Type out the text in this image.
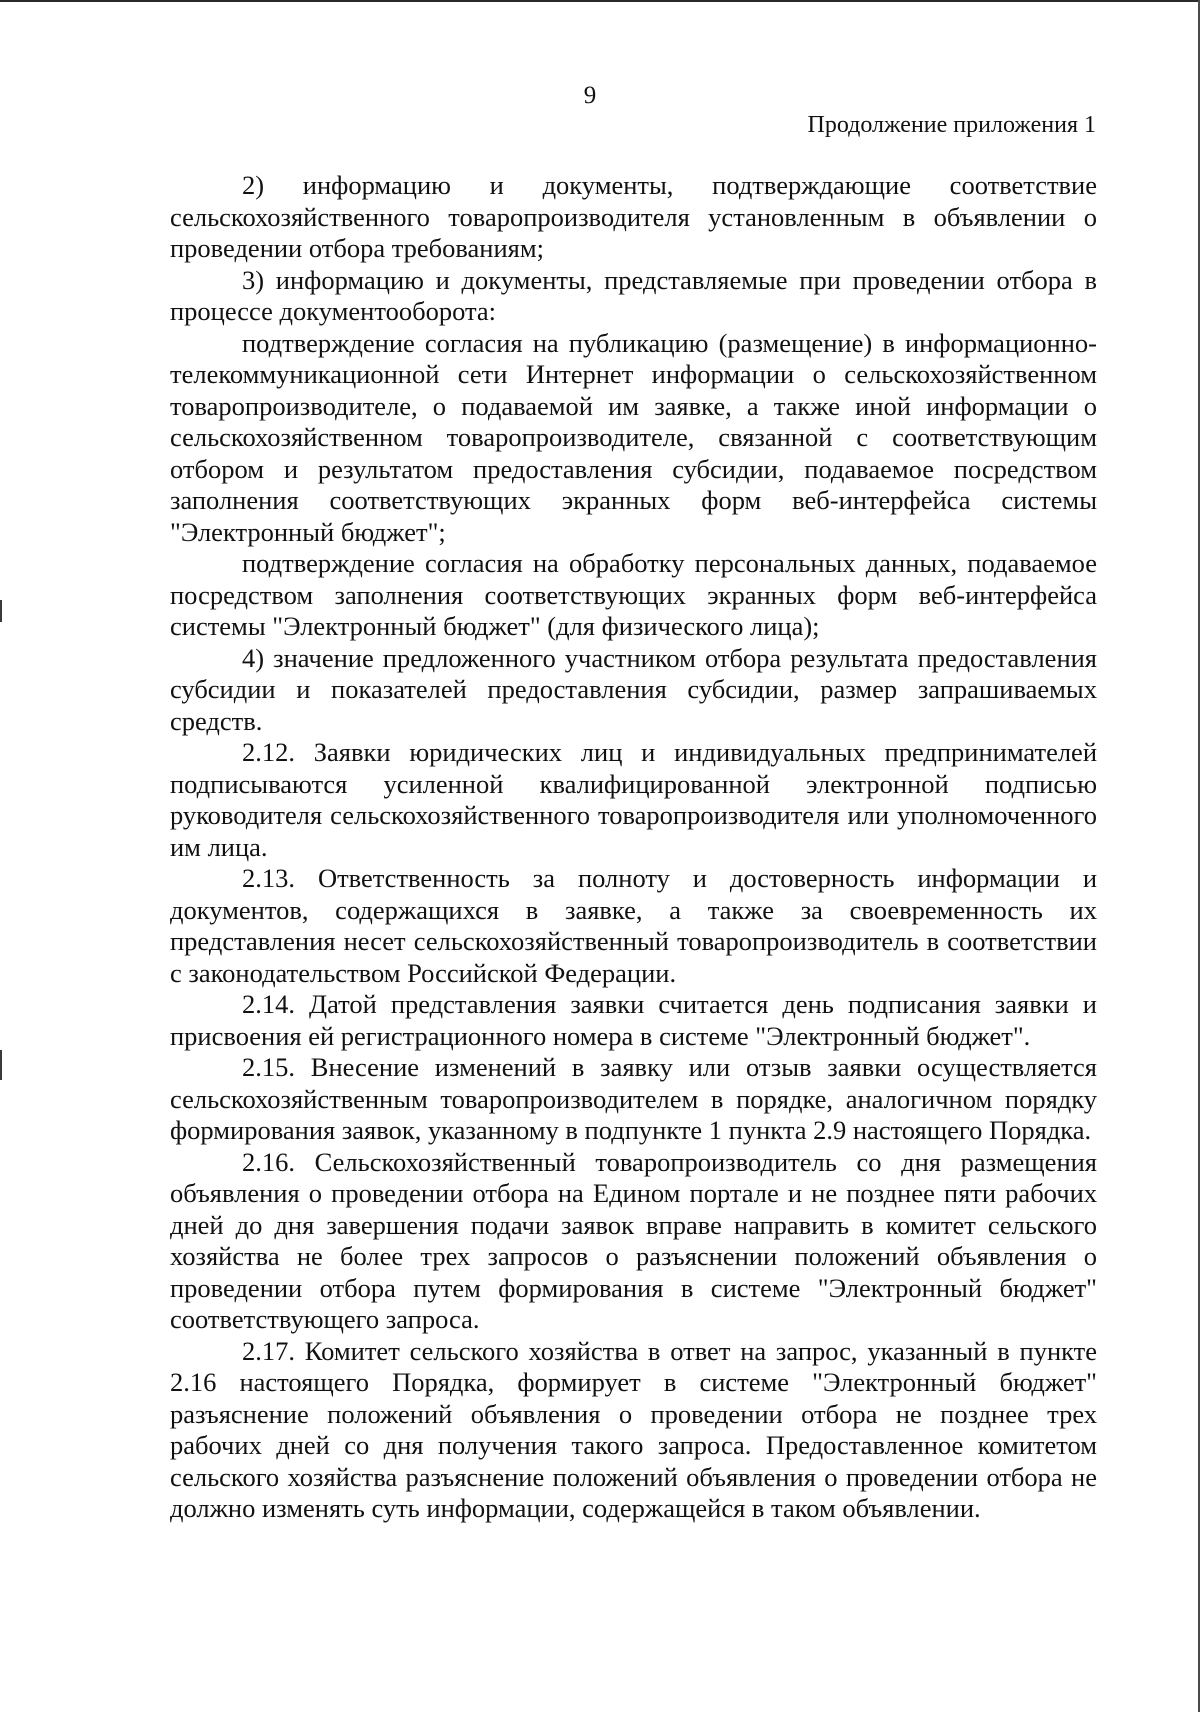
9
Продолжение приложения 1

2) информацию и документы, подтверждающие соответствие сельскохозяйственного товаропроизводителя установленным в объявлении о проведении отбора требованиям;

3) информацию и документы, представляемые при проведении отбора в процессе документооборота:

подтверждение согласия на публикацию (размещение) в информационно-телекоммуникационной сети Интернет информации о сельскохозяйственном товаропроизводителе, о подаваемой им заявке, а также иной информации о сельскохозяйственном товаропроизводителе, связанной с соответствующим отбором и результатом предоставления субсидии, подаваемое посредством заполнения соответствующих экранных форм веб-интерфейса системы "Электронный бюджет";

подтверждение согласия на обработку персональных данных, подаваемое посредством заполнения соответствующих экранных форм веб-интерфейса системы "Электронный бюджет" (для физического лица);

4) значение предложенного участником отбора результата предоставления субсидии и показателей предоставления субсидии, размер запрашиваемых средств.

2.12. Заявки юридических лиц и индивидуальных предпринимателей подписываются усиленной квалифицированной электронной подписью руководителя сельскохозяйственного товаропроизводителя или уполномоченного им лица.

2.13. Ответственность за полноту и достоверность информации и документов, содержащихся в заявке, а также за своевременность их представления несет сельскохозяйственный товаропроизводитель в соответствии с законодательством Российской Федерации.

2.14. Датой представления заявки считается день подписания заявки и присвоения ей регистрационного номера в системе "Электронный бюджет".

2.15. Внесение изменений в заявку или отзыв заявки осуществляется сельскохозяйственным товаропроизводителем в порядке, аналогичном порядку формирования заявок, указанному в подпункте 1 пункта 2.9 настоящего Порядка.

2.16. Сельскохозяйственный товаропроизводитель со дня размещения объявления о проведении отбора на Едином портале и не позднее пяти рабочих дней до дня завершения подачи заявок вправе направить в комитет сельского хозяйства не более трех запросов о разъяснении положений объявления о проведении отбора путем формирования в системе "Электронный бюджет" соответствующего запроса.

2.17. Комитет сельского хозяйства в ответ на запрос, указанный в пункте 2.16 настоящего Порядка, формирует в системе "Электронный бюджет" разъяснение положений объявления о проведении отбора не позднее трех рабочих дней со дня получения такого запроса. Предоставленное комитетом сельского хозяйства разъяснение положений объявления о проведении отбора не должно изменять суть информации, содержащейся в таком объявлении.
